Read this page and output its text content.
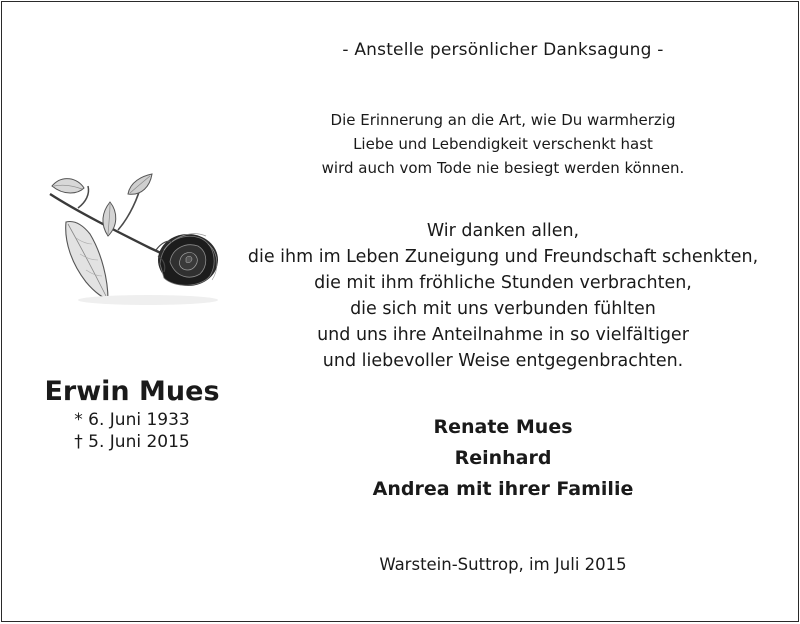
- Anstelle persönlicher Danksagung -
Die Erinnerung an die Art, wie Du warmherzig
Liebe und Lebendigkeit verschenkt hast
wird auch vom Tode nie besiegt werden können.
Wir danken allen,
die ihm im Leben Zuneigung und Freundschaft schenkten,
die mit ihm fröhliche Stunden verbrachten,
die sich mit uns verbunden fühlten
und uns ihre Anteilnahme in so vielfältiger
und liebevoller Weise entgegenbrachten.
Erwin Mues
* 6. Juni 1933
† 5. Juni 2015
Renate Mues
Reinhard
Andrea mit ihrer Familie
Warstein-Suttrop, im Juli 2015
